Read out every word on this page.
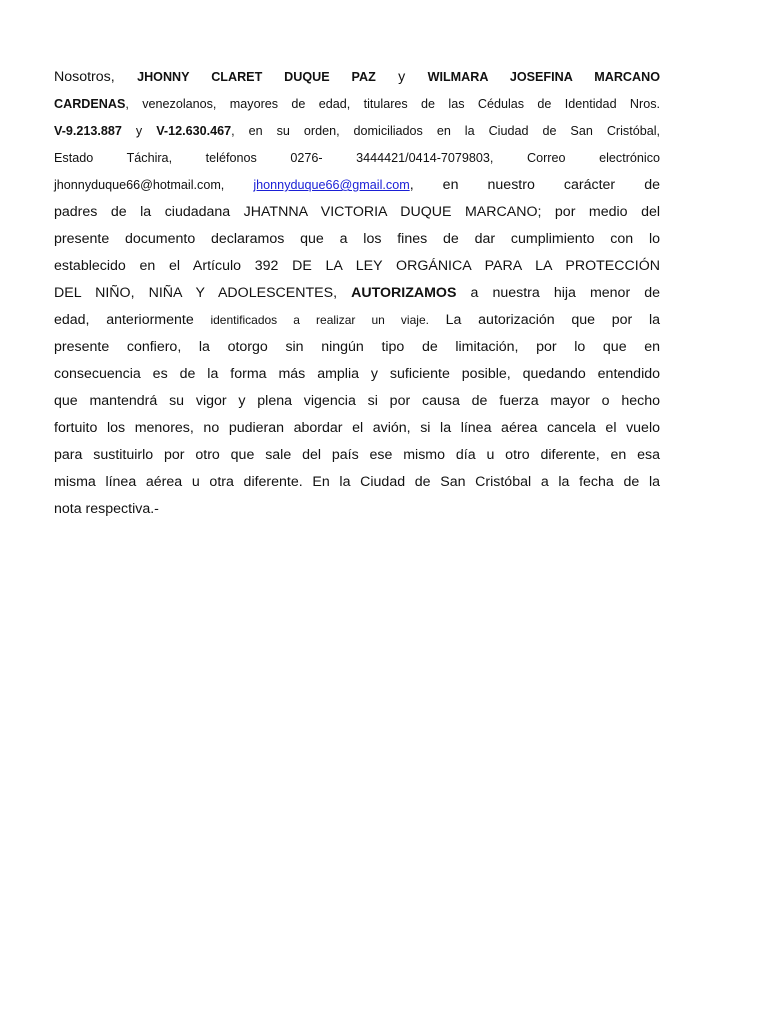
Nosotros, JHONNY CLARET DUQUE PAZ y WILMARA JOSEFINA MARCANO
CARDENAS, venezolanos, mayores de edad, titulares de las Cédulas de Identidad Nros.
V-9.213.887 y V-12.630.467, en su orden, domiciliados en la Ciudad de San Cristóbal,
Estado Táchira, teléfonos 0276- 3444421/0414-7079803, Correo electrónico
jhonnyduque66@hotmail.com, jhonnyduque66@gmail.com, en nuestro carácter de
padres de la ciudadana JHATNNA VICTORIA DUQUE MARCANO; por medio del
presente documento declaramos que a los fines de dar cumplimiento con lo
establecido en el Artículo 392 DE LA LEY ORGÁNICA PARA LA PROTECCIÓN
DEL NIÑO, NIÑA Y ADOLESCENTES, AUTORIZAMOS a nuestra hija menor de
edad, anteriormente identificados a realizar un viaje. La autorización que por la
presente confiero, la otorgo sin ningún tipo de limitación, por lo que en
consecuencia es de la forma más amplia y suficiente posible, quedando entendido
que mantendrá su vigor y plena vigencia si por causa de fuerza mayor o hecho
fortuito los menores, no pudieran abordar el avión, si la línea aérea cancela el vuelo
para sustituirlo por otro que sale del país ese mismo día u otro diferente, en esa
misma línea aérea u otra diferente. En la Ciudad de San Cristóbal a la fecha de la
nota respectiva.-
